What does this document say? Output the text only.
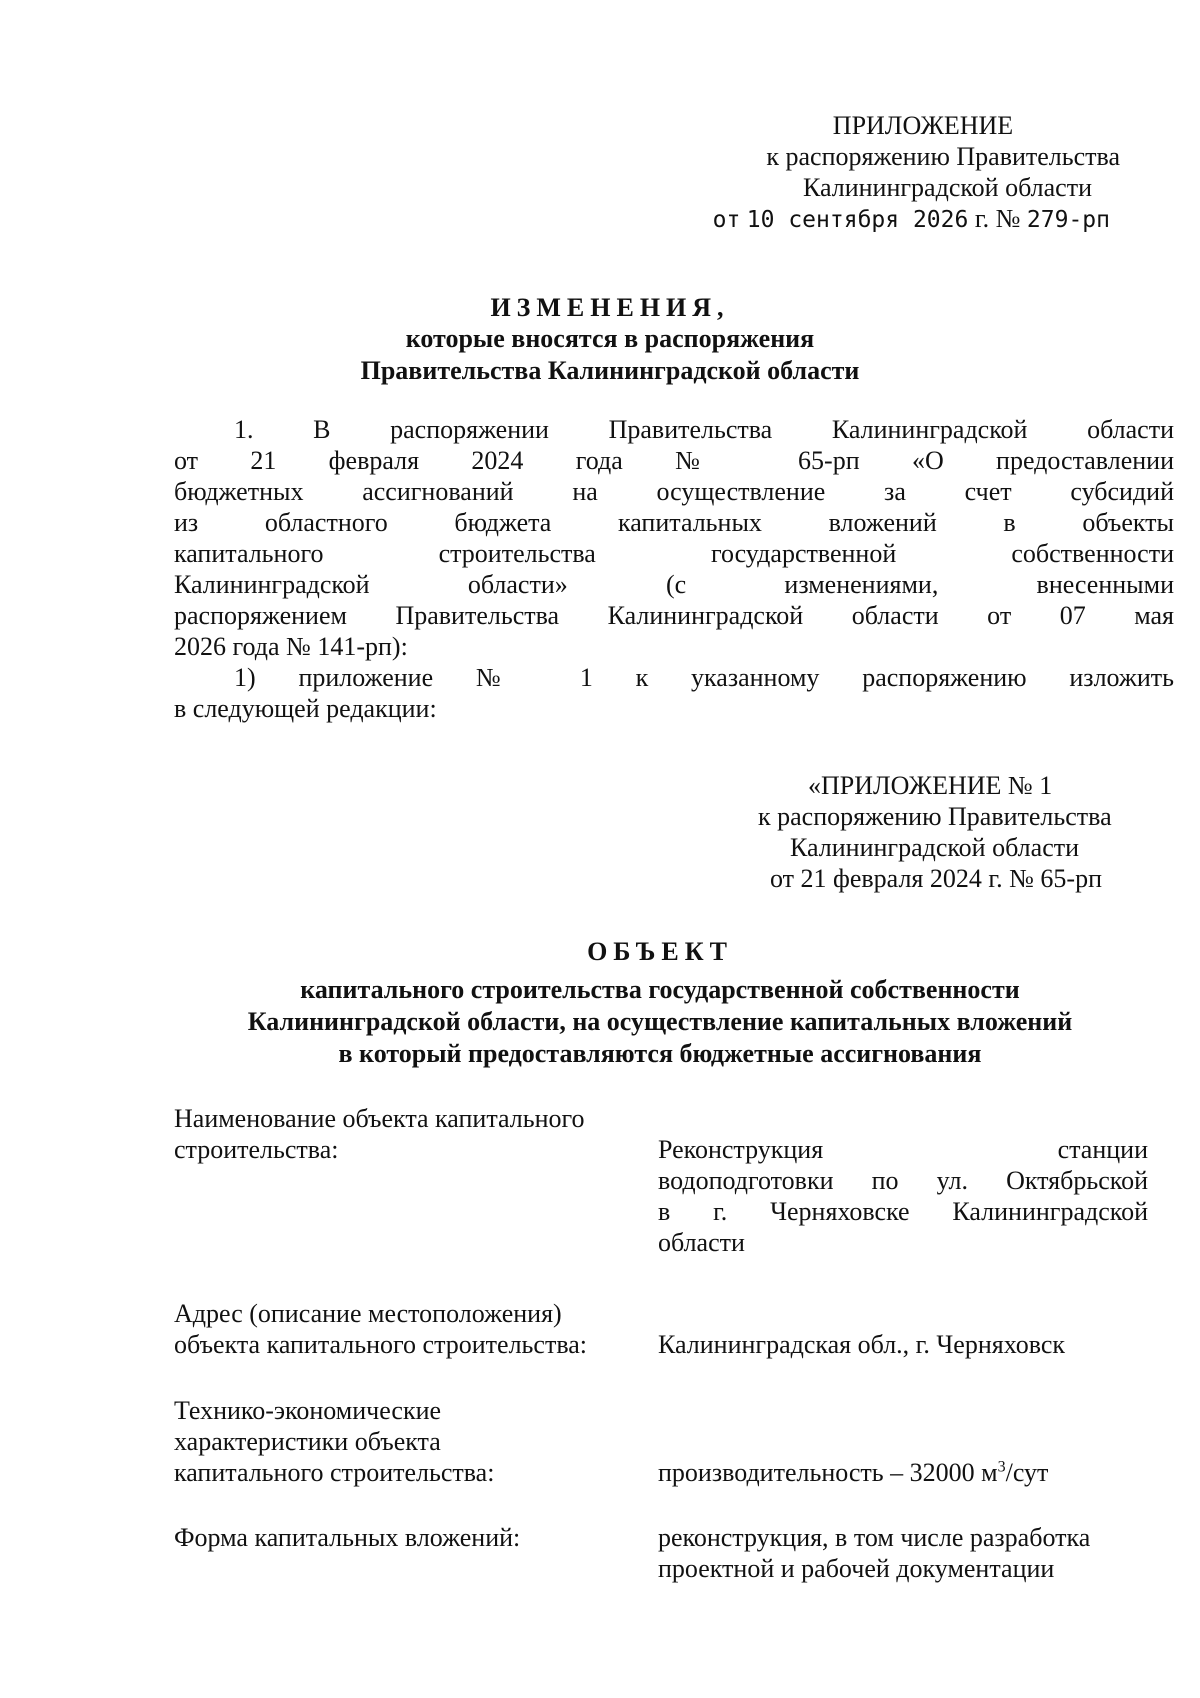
ПРИЛОЖЕНИЕ
к распоряжению Правительства
Калининградской области
от 10 сентября 2026 г. № 279-рп
ИЗМЕНЕНИЯ,
которые вносятся в распоряжения
Правительства Калининградской области
1. В распоряжении Правительства Калининградской области
от 21 февраля 2024 года № 65-рп «О предоставлении
бюджетных ассигнований на осуществление за счет субсидий
из областного бюджета капитальных вложений в объекты
капитального строительства государственной собственности
Калининградской области» (с изменениями, внесенными
распоряжением Правительства Калининградской области от 07 мая
2026 года № 141-рп):
1) приложение № 1 к указанному распоряжению изложить
в следующей редакции:
«ПРИЛОЖЕНИЕ № 1
к распоряжению Правительства
Калининградской области
от 21 февраля 2024 г. № 65-рп
ОБЪЕКТ
капитального строительства государственной собственности
Калининградской области, на осуществление капитальных вложений
в который предоставляются бюджетные ассигнования
Наименование объекта капитального
строительства:	Реконструкция станции
водоподготовки по ул. Октябрьской
в г. Черняховске Калининградской
области
Адрес (описание местоположения)
объекта капитального строительства:	Калининградская обл., г. Черняховск
Технико-экономические
характеристики объекта
капитального строительства:	производительность – 32000 $м^3$/сут
Форма капитальных вложений:	реконструкция, в том числе разработка
проектной и рабочей документации
